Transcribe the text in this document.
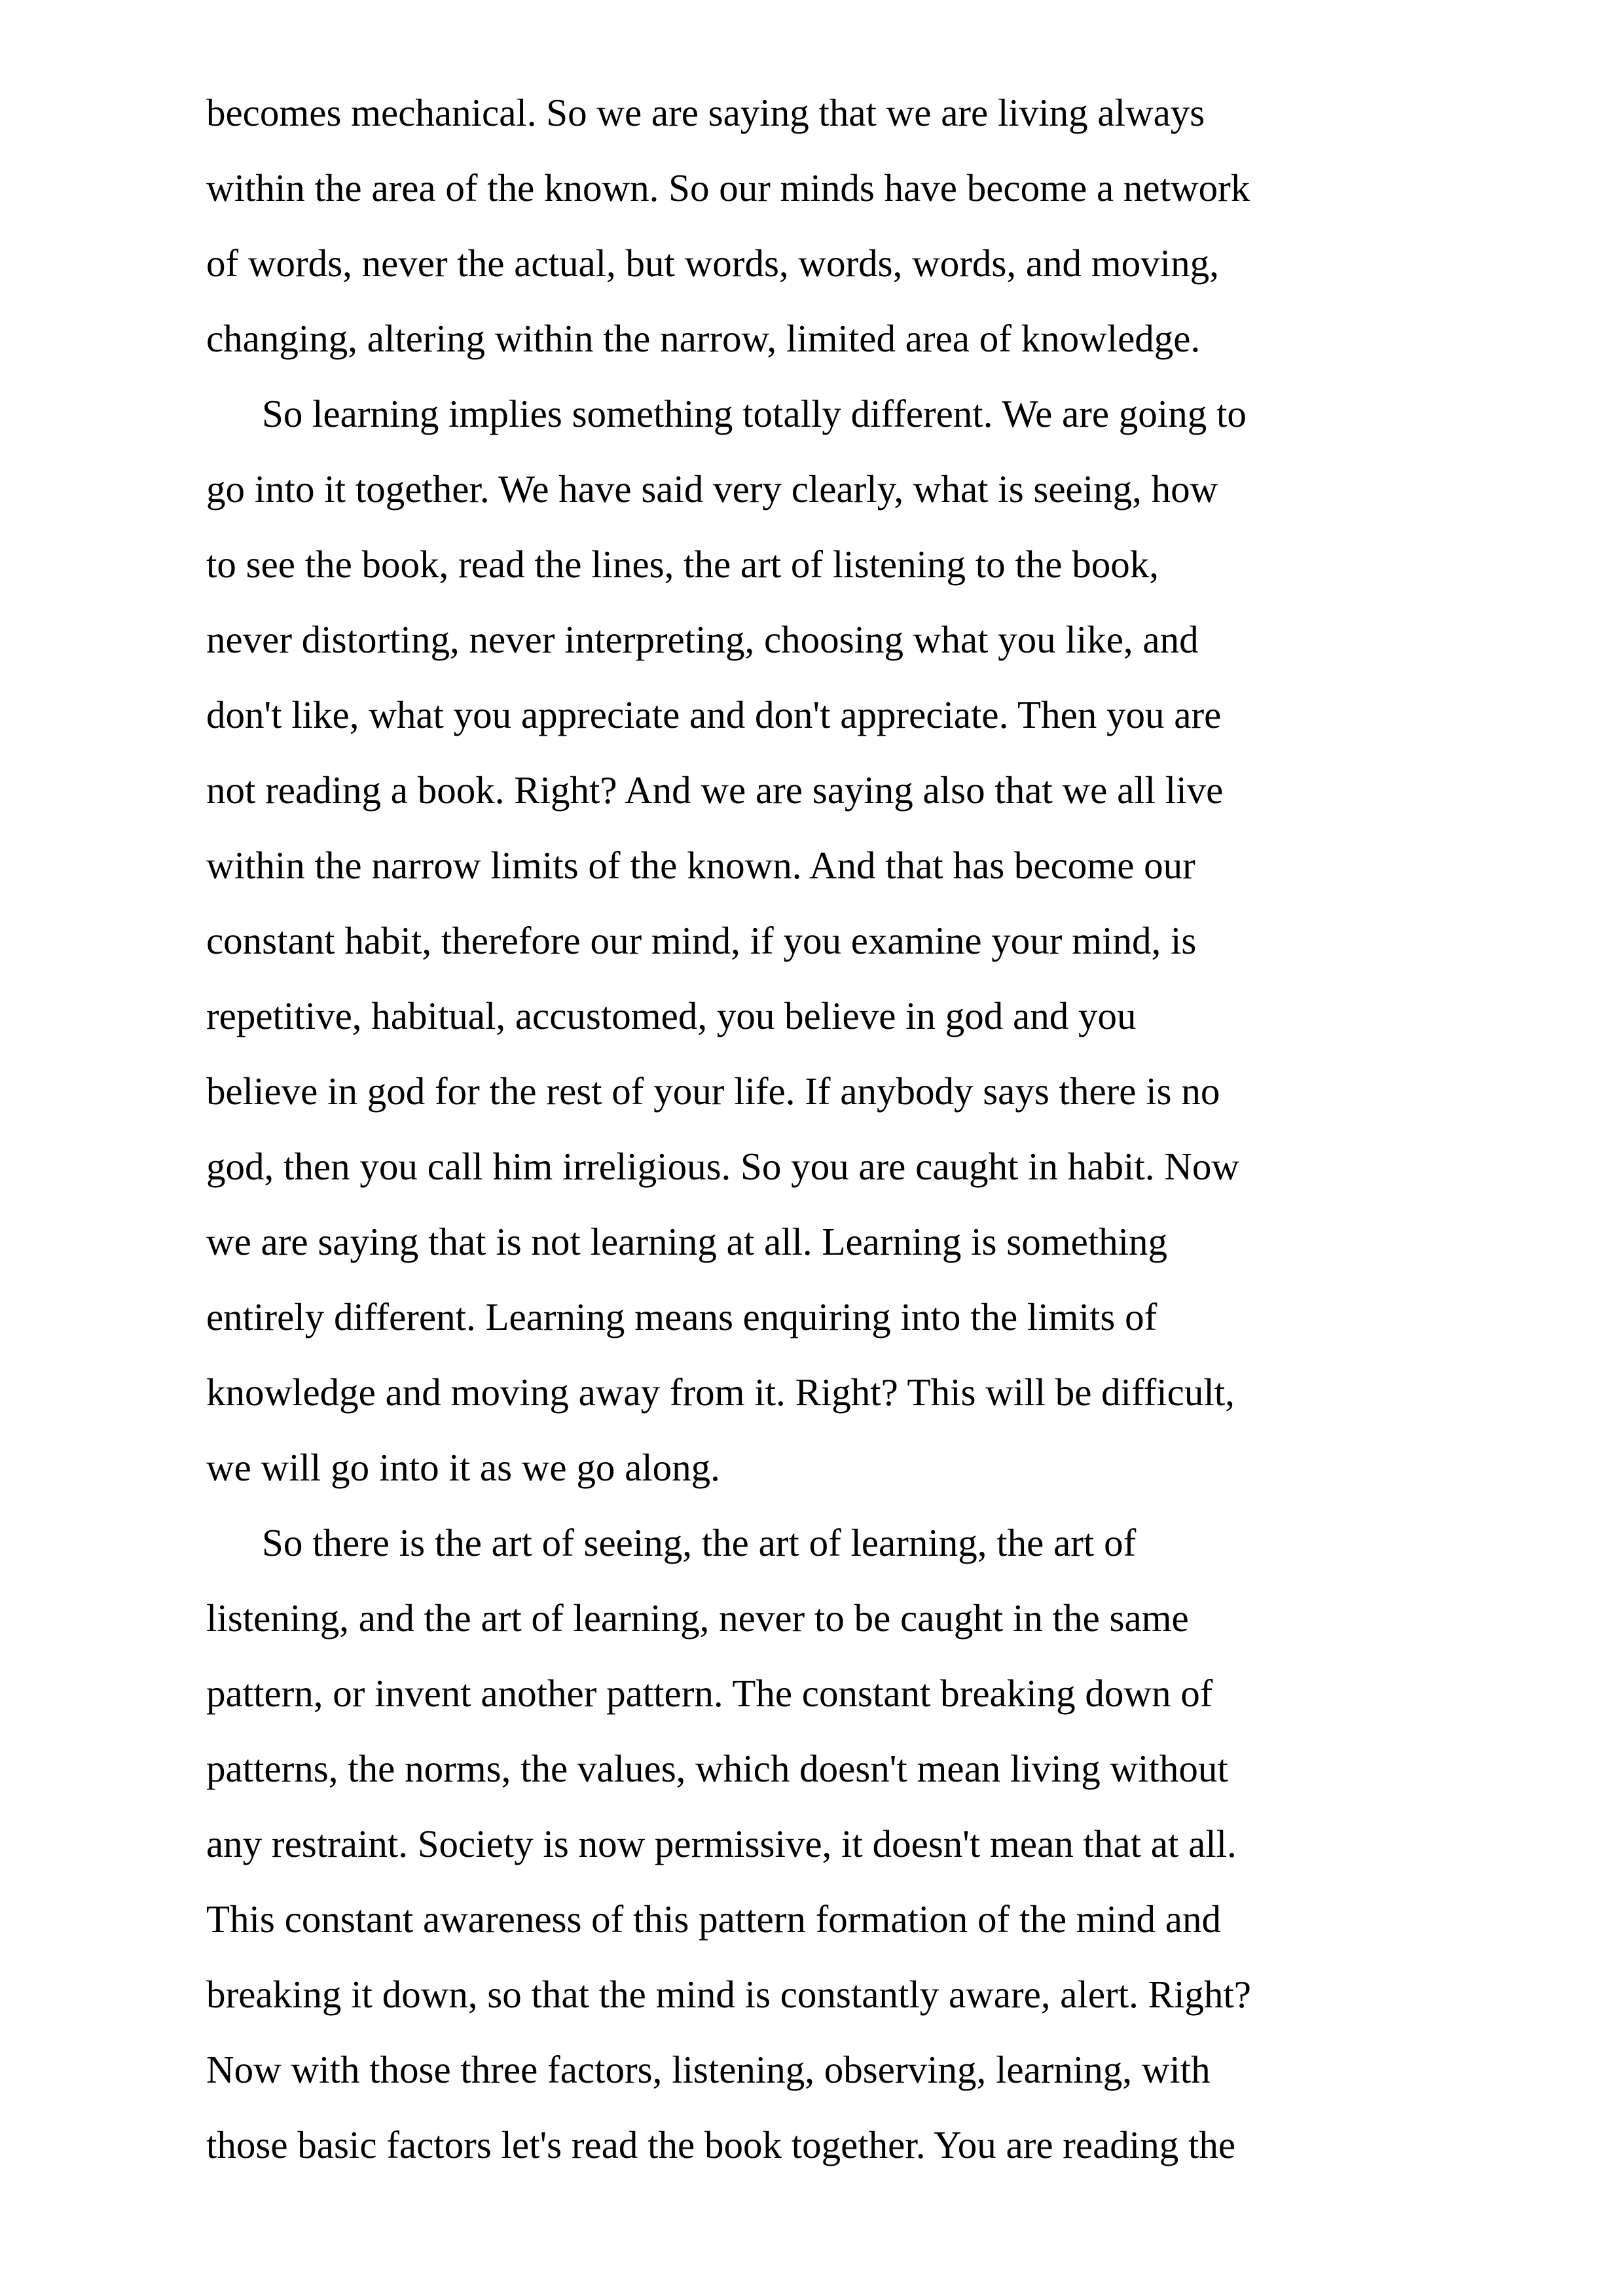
becomes mechanical. So we are saying that we are living always
within the area of the known. So our minds have become a network
of words, never the actual, but words, words, words, and moving,
changing, altering within the narrow, limited area of knowledge.
So learning implies something totally different. We are going to
go into it together. We have said very clearly, what is seeing, how
to see the book, read the lines, the art of listening to the book,
never distorting, never interpreting, choosing what you like, and
don't like, what you appreciate and don't appreciate. Then you are
not reading a book. Right? And we are saying also that we all live
within the narrow limits of the known. And that has become our
constant habit, therefore our mind, if you examine your mind, is
repetitive, habitual, accustomed, you believe in god and you
believe in god for the rest of your life. If anybody says there is no
god, then you call him irreligious. So you are caught in habit. Now
we are saying that is not learning at all. Learning is something
entirely different. Learning means enquiring into the limits of
knowledge and moving away from it. Right? This will be difficult,
we will go into it as we go along.
So there is the art of seeing, the art of learning, the art of
listening, and the art of learning, never to be caught in the same
pattern, or invent another pattern. The constant breaking down of
patterns, the norms, the values, which doesn't mean living without
any restraint. Society is now permissive, it doesn't mean that at all.
This constant awareness of this pattern formation of the mind and
breaking it down, so that the mind is constantly aware, alert. Right?
Now with those three factors, listening, observing, learning, with
those basic factors let's read the book together. You are reading the
